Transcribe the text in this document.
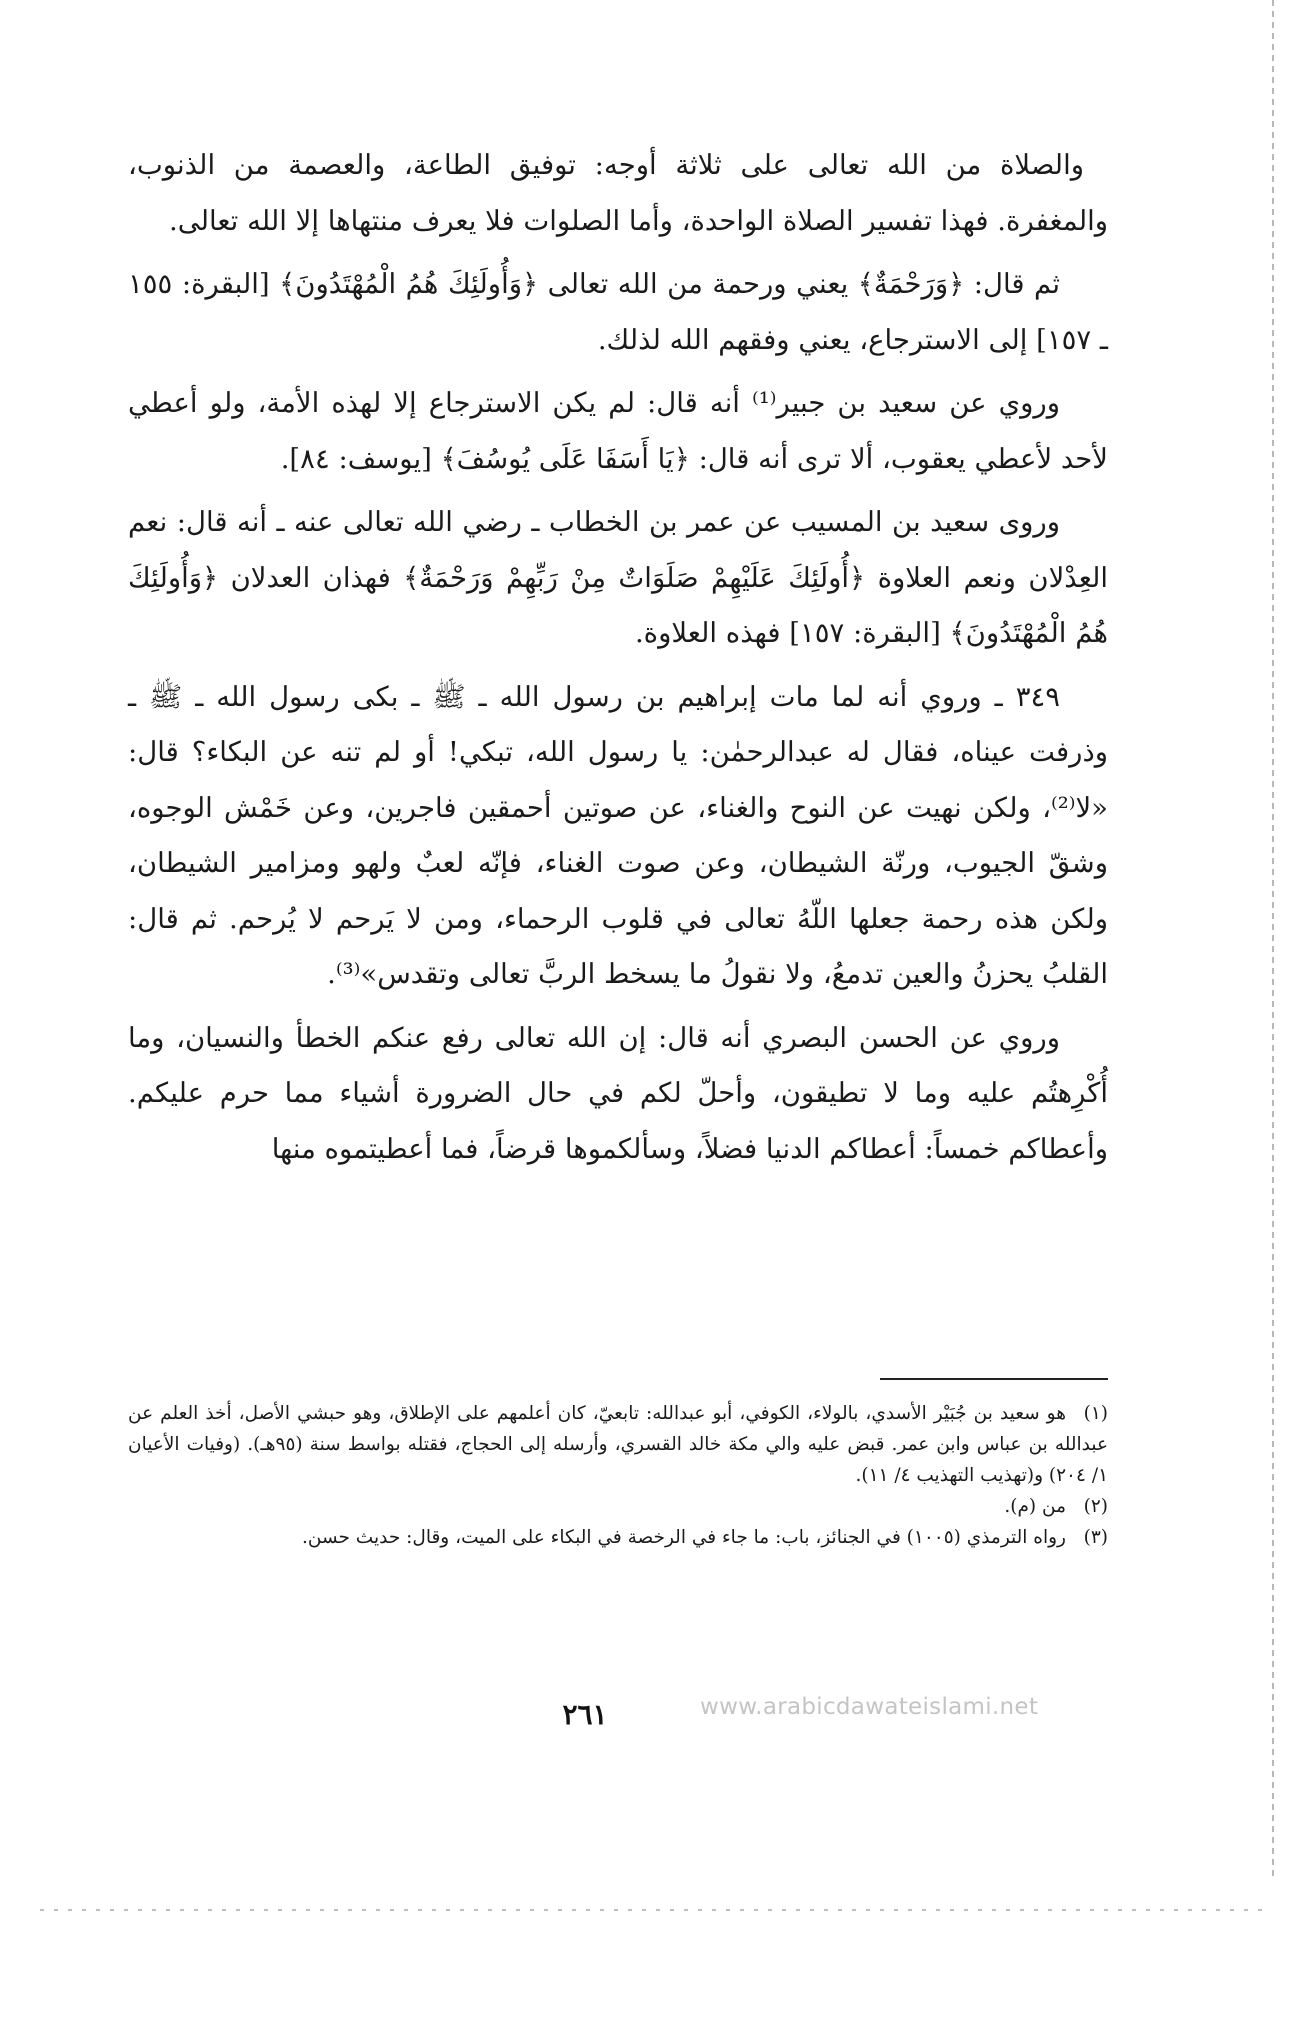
والصلاة من الله تعالى على ثلاثة أوجه: توفيق الطاعة، والعصمة من الذنوب، والمغفرة. فهذا تفسير الصلاة الواحدة، وأما الصلوات فلا يعرف منتهاها إلا الله تعالى.

ثم قال: ﴿وَرَحْمَةٌ﴾ يعني ورحمة من الله تعالى ﴿وَأُولَئِكَ هُمُ الْمُهْتَدُونَ﴾ [البقرة: ١٥٥ ـ ١٥٧] إلى الاسترجاع، يعني وفقهم الله لذلك.

وروي عن سعيد بن جبير⁽¹⁾ أنه قال: لم يكن الاسترجاع إلا لهذه الأمة، ولو أعطي لأحد لأعطي يعقوب، ألا ترى أنه قال: ﴿يَا أَسَفَا عَلَى يُوسُفَ﴾ [يوسف: ٨٤].

وروى سعيد بن المسيب عن عمر بن الخطاب ـ رضي الله تعالى عنه ـ أنه قال: نعم العِدْلان ونعم العلاوة ﴿أُولَئِكَ عَلَيْهِمْ صَلَوَاتٌ مِنْ رَبِّهِمْ وَرَحْمَةٌ﴾ فهذان العدلان ﴿وَأُولَئِكَ هُمُ الْمُهْتَدُونَ﴾ [البقرة: ١٥٧] فهذه العلاوة.

٣٤٩ ـ وروي أنه لما مات إبراهيم بن رسول الله ـ ﷺ ـ بكى رسول الله ـ ﷺ ـ وذرفت عيناه، فقال له عبدالرحمٰن: يا رسول الله، تبكي! أو لم تنه عن البكاء؟ قال: «لا⁽²⁾، ولكن نهيت عن النوح والغناء، عن صوتين أحمقين فاجرين، وعن خَمْش الوجوه، وشقّ الجيوب، ورنّة الشيطان، وعن صوت الغناء، فإنّه لعبٌ ولهو ومزامير الشيطان، ولكن هذه رحمة جعلها اللّهُ تعالى في قلوب الرحماء، ومن لا يَرحم لا يُرحم. ثم قال: القلبُ يحزنُ والعين تدمعُ، ولا نقولُ ما يسخط الربَّ تعالى وتقدس»⁽³⁾.

وروي عن الحسن البصري أنه قال: إن الله تعالى رفع عنكم الخطأ والنسيان، وما أُكْرِهتُم عليه وما لا تطيقون، وأحلّ لكم في حال الضرورة أشياء مما حرم عليكم. وأعطاكم خمساً: أعطاكم الدنيا فضلاً، وسألكموها قرضاً، فما أعطيتموه منها

(١)هو سعيد بن جُبَيْر الأسدي، بالولاء، الكوفي، أبو عبدالله: تابعيّ، كان أعلمهم على الإطلاق، وهو حبشي الأصل، أخذ العلم عن عبدالله بن عباس وابن عمر. قبض عليه والي مكة خالد القسري، وأرسله إلى الحجاج، فقتله بواسط سنة (٩٥هـ). (وفيات الأعيان ١/ ٢٠٤) و(تهذيب التهذيب ٤/ ١١).

(٢)من (م).

(٣)رواه الترمذي (١٠٠٥) في الجنائز، باب: ما جاء في الرخصة في البكاء على الميت، وقال: حديث حسن.

٢٦١	www.arabicdawateislami.net
